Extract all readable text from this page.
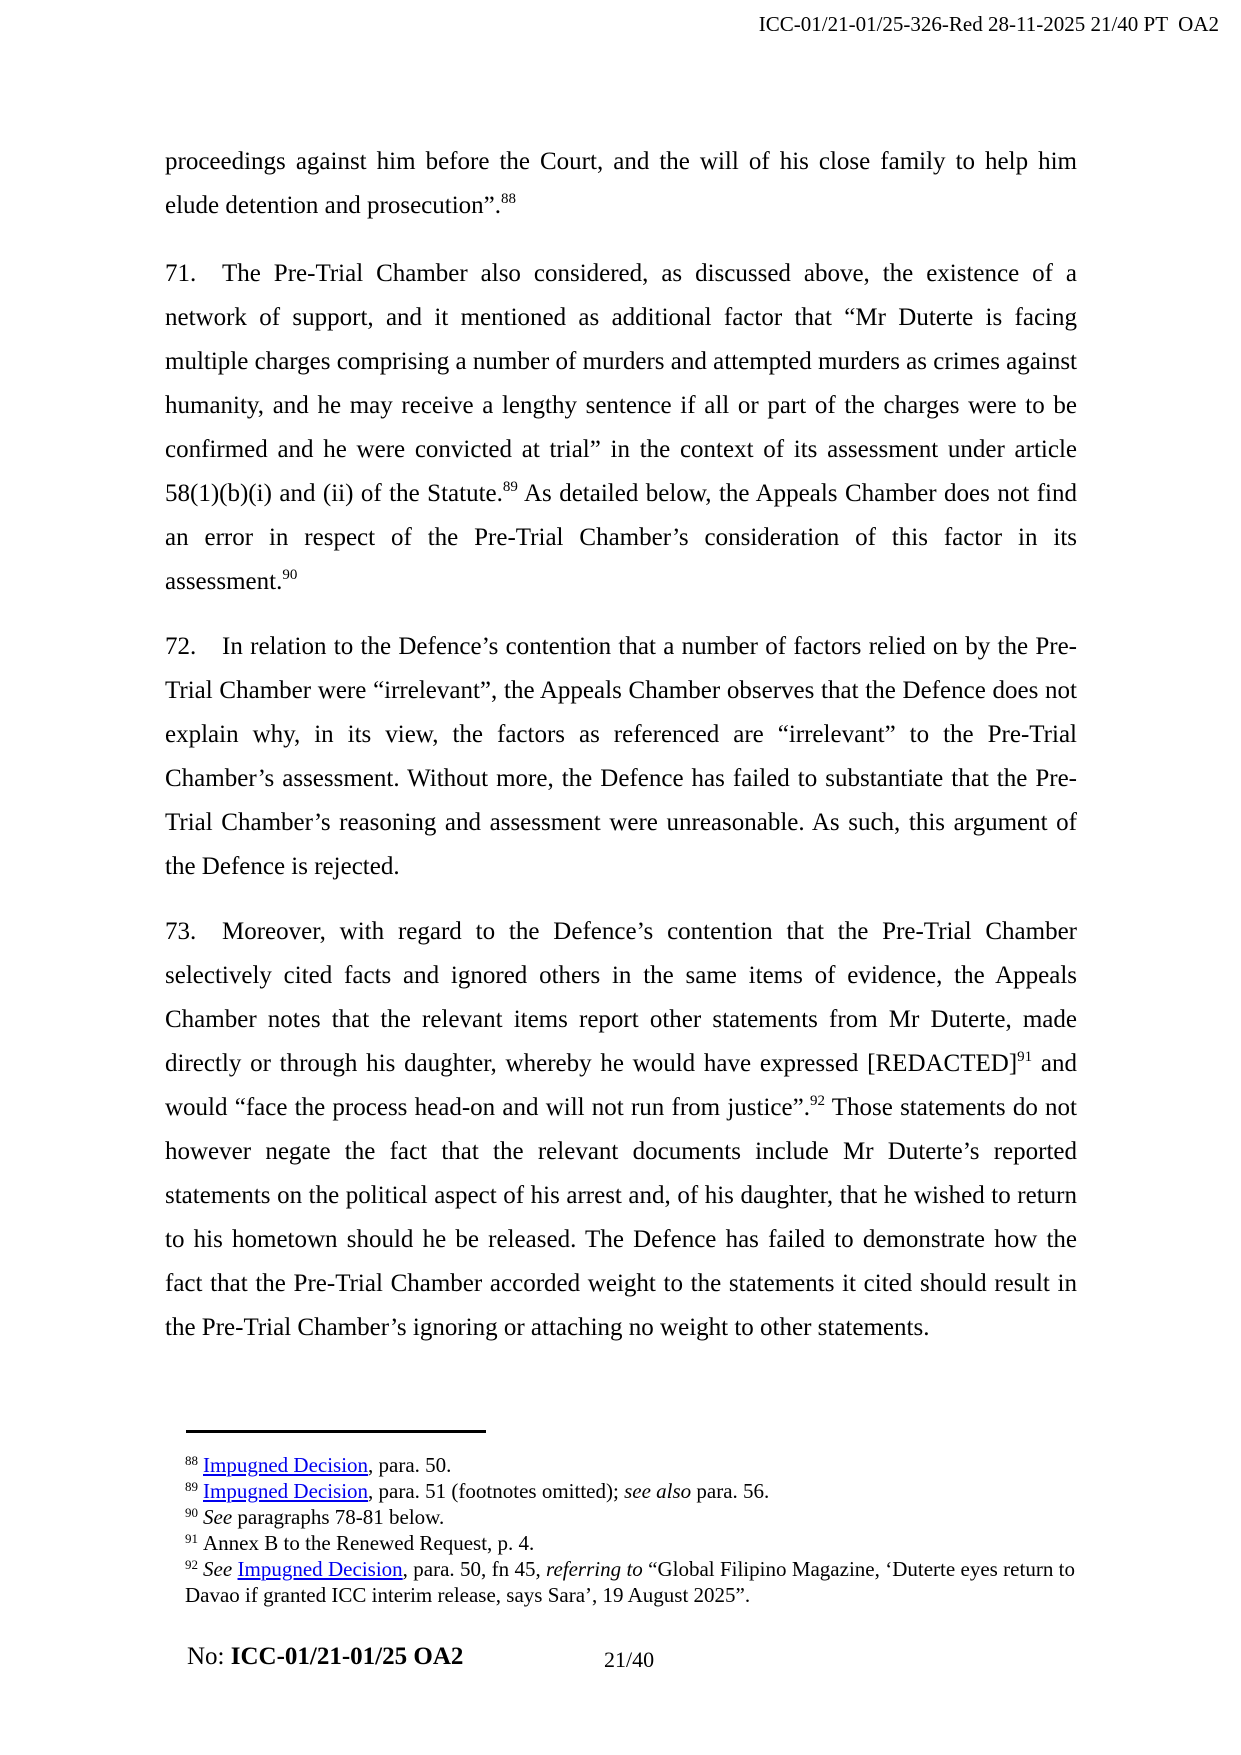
ICC-01/21-01/25-326-Red 28-11-2025 21/40 PT  OA2

proceedings against him before the Court, and the will of his close family to help him elude detention and prosecution”.$^{88}$

71. The Pre-Trial Chamber also considered, as discussed above, the existence of a network of support, and it mentioned as additional factor that “Mr Duterte is facing multiple charges comprising a number of murders and attempted murders as crimes against humanity, and he may receive a lengthy sentence if all or part of the charges were to be confirmed and he were convicted at trial” in the context of its assessment under article 58(1)(b)(i) and (ii) of the Statute.$^{89}$ As detailed below, the Appeals Chamber does not find an error in respect of the Pre-Trial Chamber’s consideration of this factor in its assessment.$^{90}$

72. In relation to the Defence’s contention that a number of factors relied on by the Pre-Trial Chamber were “irrelevant”, the Appeals Chamber observes that the Defence does not explain why, in its view, the factors as referenced are “irrelevant” to the Pre-Trial Chamber’s assessment. Without more, the Defence has failed to substantiate that the Pre-Trial Chamber’s reasoning and assessment were unreasonable. As such, this argument of the Defence is rejected.

73. Moreover, with regard to the Defence’s contention that the Pre-Trial Chamber selectively cited facts and ignored others in the same items of evidence, the Appeals Chamber notes that the relevant items report other statements from Mr Duterte, made directly or through his daughter, whereby he would have expressed [REDACTED]$^{91}$ and would “face the process head-on and will not run from justice”.$^{92}$ Those statements do not however negate the fact that the relevant documents include Mr Duterte’s reported statements on the political aspect of his arrest and, of his daughter, that he wished to return to his hometown should he be released. The Defence has failed to demonstrate how the fact that the Pre-Trial Chamber accorded weight to the statements it cited should result in the Pre-Trial Chamber’s ignoring or attaching no weight to other statements.

$^{88}$ Impugned Decision, para. 50.
$^{89}$ Impugned Decision, para. 51 (footnotes omitted); see also para. 56.
$^{90}$ See paragraphs 78-81 below.
$^{91}$ Annex B to the Renewed Request, p. 4.
$^{92}$ See Impugned Decision, para. 50, fn 45, referring to “Global Filipino Magazine, ‘Duterte eyes return to Davao if granted ICC interim release, says Sara’, 19 August 2025”.
No: ICC-01/21-01/25 OA2	21/40
